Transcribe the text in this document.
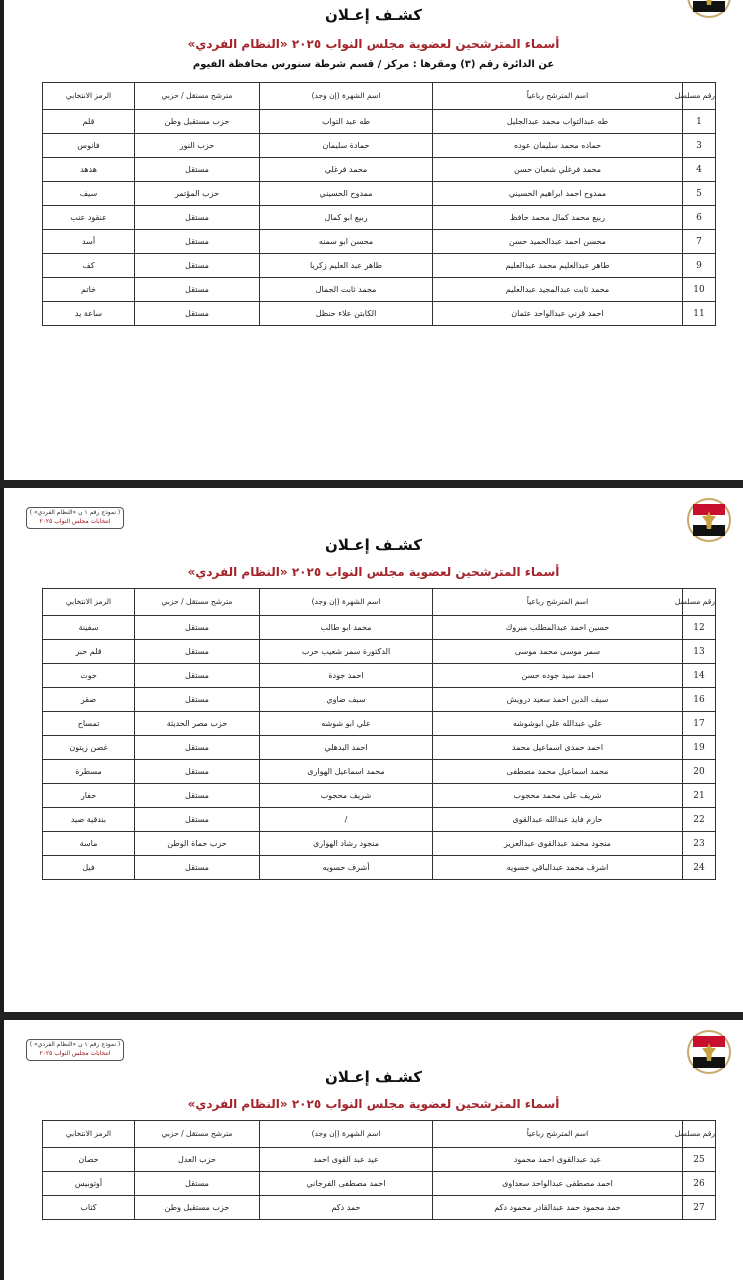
كشـف إعـلان
أسماء المترشحين لعضوية مجلس النواب ٢٠٢٥ «النظام الفردي»
عن الدائرة رقم (٣) ومقرها : مركز / قسم شرطة سنورس محافظة الفيوم
رقم مسلسل	اسم المترشح رباعياً	اسم الشهرة (إن وجد)	مترشح مستقل / حزبي	الرمز الانتخابي
1	طه عبدالتواب محمد عبدالجليل	طه عبد التواب	حزب مستقبل وطن	قلم
3	حماده محمد سليمان عوده	حمادة سليمان	حزب النور	فانوس
4	محمد فرغلي شعبان حسن	محمد فرغلي	مستقل	هدهد
5	ممدوح احمد ابراهيم الحسيني	ممدوح الحسيني	حزب المؤتمر	سيف
6	ربيع محمد كمال محمد حافظ	ربيع ابو كمال	مستقل	عنقود عنب
7	محسن احمد عبدالحميد حسن	محسن ابو سمنه	مستقل	أسد
9	طاهر عبدالعليم محمد عبدالعليم	طاهر عبد العليم زكريا	مستقل	كف
10	محمد ثابت عبدالمجيد عبدالعليم	محمد ثابت الجمال	مستقل	خاتم
11	احمد قرني عبدالواحد عثمان	الكابتن علاء حنظل	مستقل	ساعة يد
( نموذج رقم ١ ن «النظام الفردي» )
انتخابات مجلس النواب ٢٠٢٥
كشـف إعـلان
أسماء المترشحين لعضوية مجلس النواب ٢٠٢٥ «النظام الفردي»
رقم مسلسل	اسم المترشح رباعياً	اسم الشهرة (إن وجد)	مترشح مستقل / حزبي	الرمز الانتخابي
12	حسين احمد عبدالمطلب مبروك	محمد ابو طالب	مستقل	سفينة
13	سمر موسى محمد موسى	الدكتورة سمر شعيب حرب	مستقل	قلم حبر
14	احمد سيد جوده حسن	احمد جودة	مستقل	حوت
16	سيف الدين احمد سعيد درويش	سيف ضاوي	مستقل	صقر
17	علي عبدالله علي ابوشوشه	علي ابو شوشه	حزب مصر الحديثة	تمساح
19	احمد حمدى اسماعيل محمد	احمد البدهلي	مستقل	غصن زيتون
20	محمد اسماعيل محمد مصطفى	محمد اسماعيل الهوارى	مستقل	مسطرة
21	شريف على محمد محجوب	شريف محجوب	مستقل	حفار
22	حازم فايد عبدالله عبدالقوى	/	مستقل	بندقية صيد
23	منجود محمد عبدالقوى عبدالعزيز	منجود رشاد الهوارى	حزب حماة الوطن	ماسة
24	اشرف محمد عبدالباقي حسويه	أشرف حسويه	مستقل	فيل
( نموذج رقم ١ ن «النظام الفردي» )
انتخابات مجلس النواب ٢٠٢٥
كشـف إعـلان
أسماء المترشحين لعضوية مجلس النواب ٢٠٢٥ «النظام الفردي»
رقم مسلسل	اسم المترشح رباعياً	اسم الشهرة (إن وجد)	مترشح مستقل / حزبي	الرمز الانتخابي
25	عيد عبدالقوى احمد محمود	عيد عبد القوى احمد	حزب العدل	حصان
26	احمد مصطفى عبدالواحد سعداوى	احمد مصطفى الفرجاني	مستقل	أوتوبيس
27	حمد محمود حمد عبدالقادر محمود دكم	حمد دكم	حزب مستقبل وطن	كتاب
